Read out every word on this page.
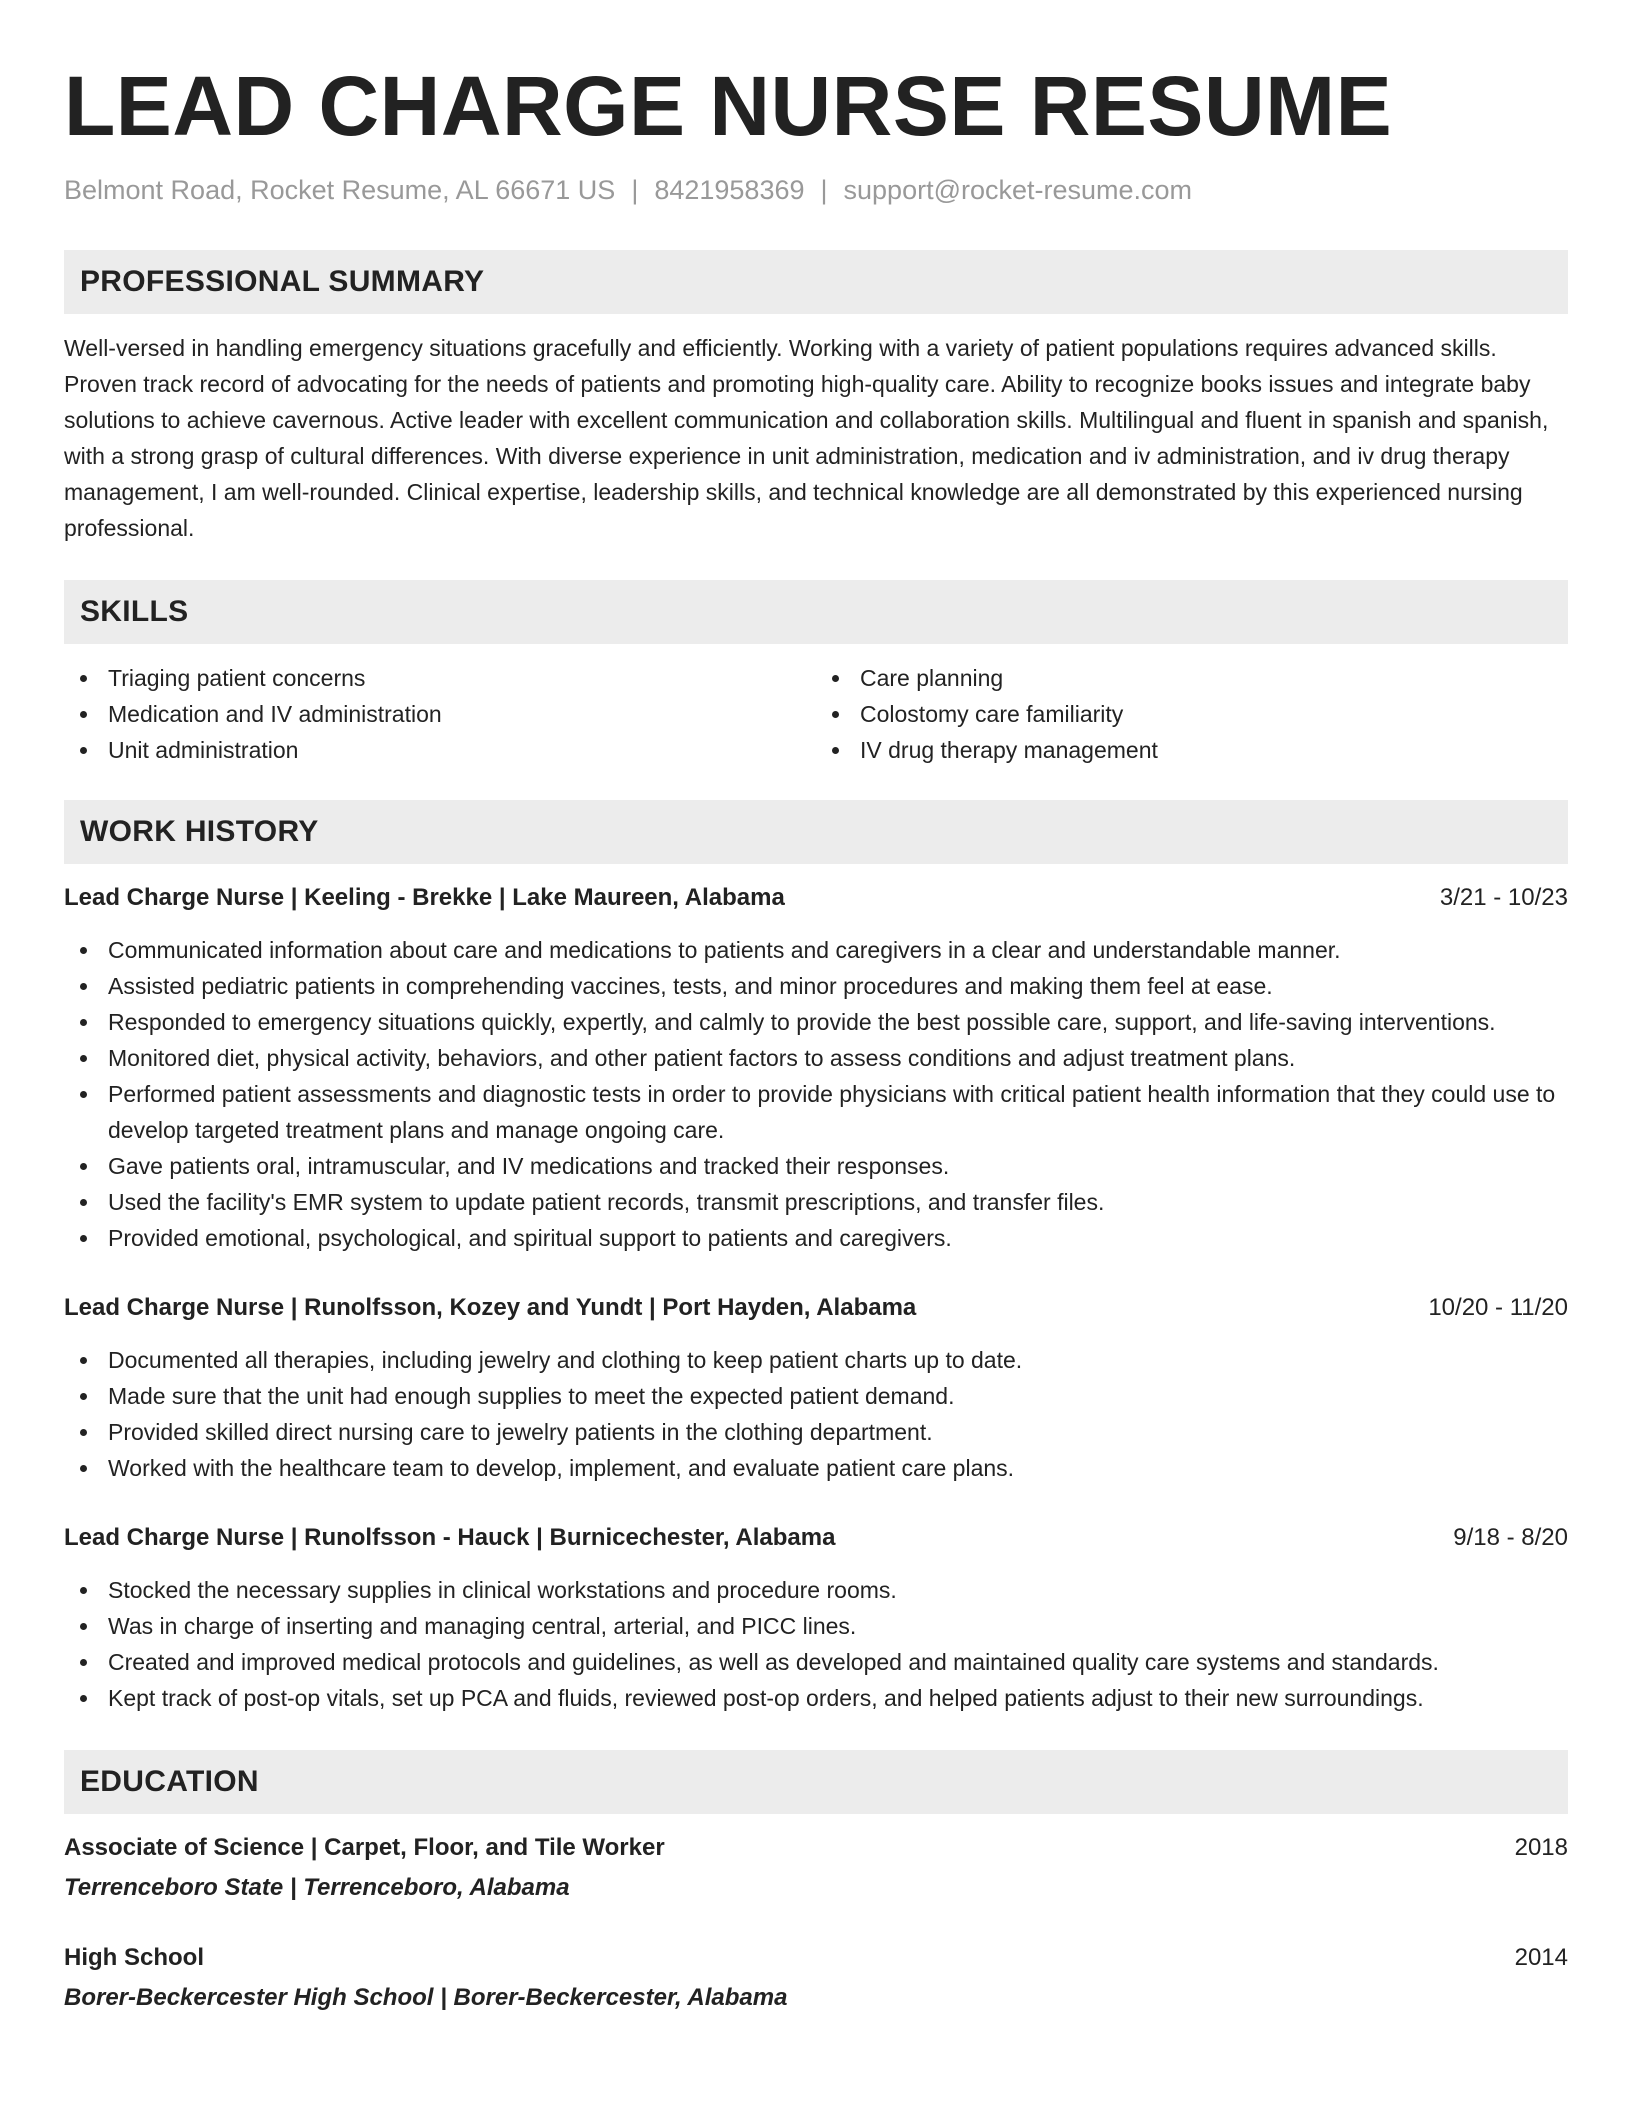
LEAD CHARGE NURSE RESUME
Belmont Road, Rocket Resume, AL 66671 US | 8421958369 | support@rocket-resume.com
PROFESSIONAL SUMMARY
Well-versed in handling emergency situations gracefully and efficiently. Working with a variety of patient populations requires advanced skills. Proven track record of advocating for the needs of patients and promoting high-quality care. Ability to recognize books issues and integrate baby solutions to achieve cavernous. Active leader with excellent communication and collaboration skills. Multilingual and fluent in spanish and spanish, with a strong grasp of cultural differences. With diverse experience in unit administration, medication and iv administration, and iv drug therapy management, I am well-rounded. Clinical expertise, leadership skills, and technical knowledge are all demonstrated by this experienced nursing professional.
SKILLS
Triaging patient concerns
Medication and IV administration
Unit administration
Care planning
Colostomy care familiarity
IV drug therapy management
WORK HISTORY
Lead Charge Nurse | Keeling - Brekke | Lake Maureen, Alabama	3/21 - 10/23
Communicated information about care and medications to patients and caregivers in a clear and understandable manner.
Assisted pediatric patients in comprehending vaccines, tests, and minor procedures and making them feel at ease.
Responded to emergency situations quickly, expertly, and calmly to provide the best possible care, support, and life-saving interventions.
Monitored diet, physical activity, behaviors, and other patient factors to assess conditions and adjust treatment plans.
Performed patient assessments and diagnostic tests in order to provide physicians with critical patient health information that they could use to develop targeted treatment plans and manage ongoing care.
Gave patients oral, intramuscular, and IV medications and tracked their responses.
Used the facility's EMR system to update patient records, transmit prescriptions, and transfer files.
Provided emotional, psychological, and spiritual support to patients and caregivers.
Lead Charge Nurse | Runolfsson, Kozey and Yundt | Port Hayden, Alabama	10/20 - 11/20
Documented all therapies, including jewelry and clothing to keep patient charts up to date.
Made sure that the unit had enough supplies to meet the expected patient demand.
Provided skilled direct nursing care to jewelry patients in the clothing department.
Worked with the healthcare team to develop, implement, and evaluate patient care plans.
Lead Charge Nurse | Runolfsson - Hauck | Burnicechester, Alabama	9/18 - 8/20
Stocked the necessary supplies in clinical workstations and procedure rooms.
Was in charge of inserting and managing central, arterial, and PICC lines.
Created and improved medical protocols and guidelines, as well as developed and maintained quality care systems and standards.
Kept track of post-op vitals, set up PCA and fluids, reviewed post-op orders, and helped patients adjust to their new surroundings.
EDUCATION
Associate of Science | Carpet, Floor, and Tile Worker	2018
Terrenceboro State | Terrenceboro, Alabama
High School	2014
Borer-Beckercester High School | Borer-Beckercester, Alabama
